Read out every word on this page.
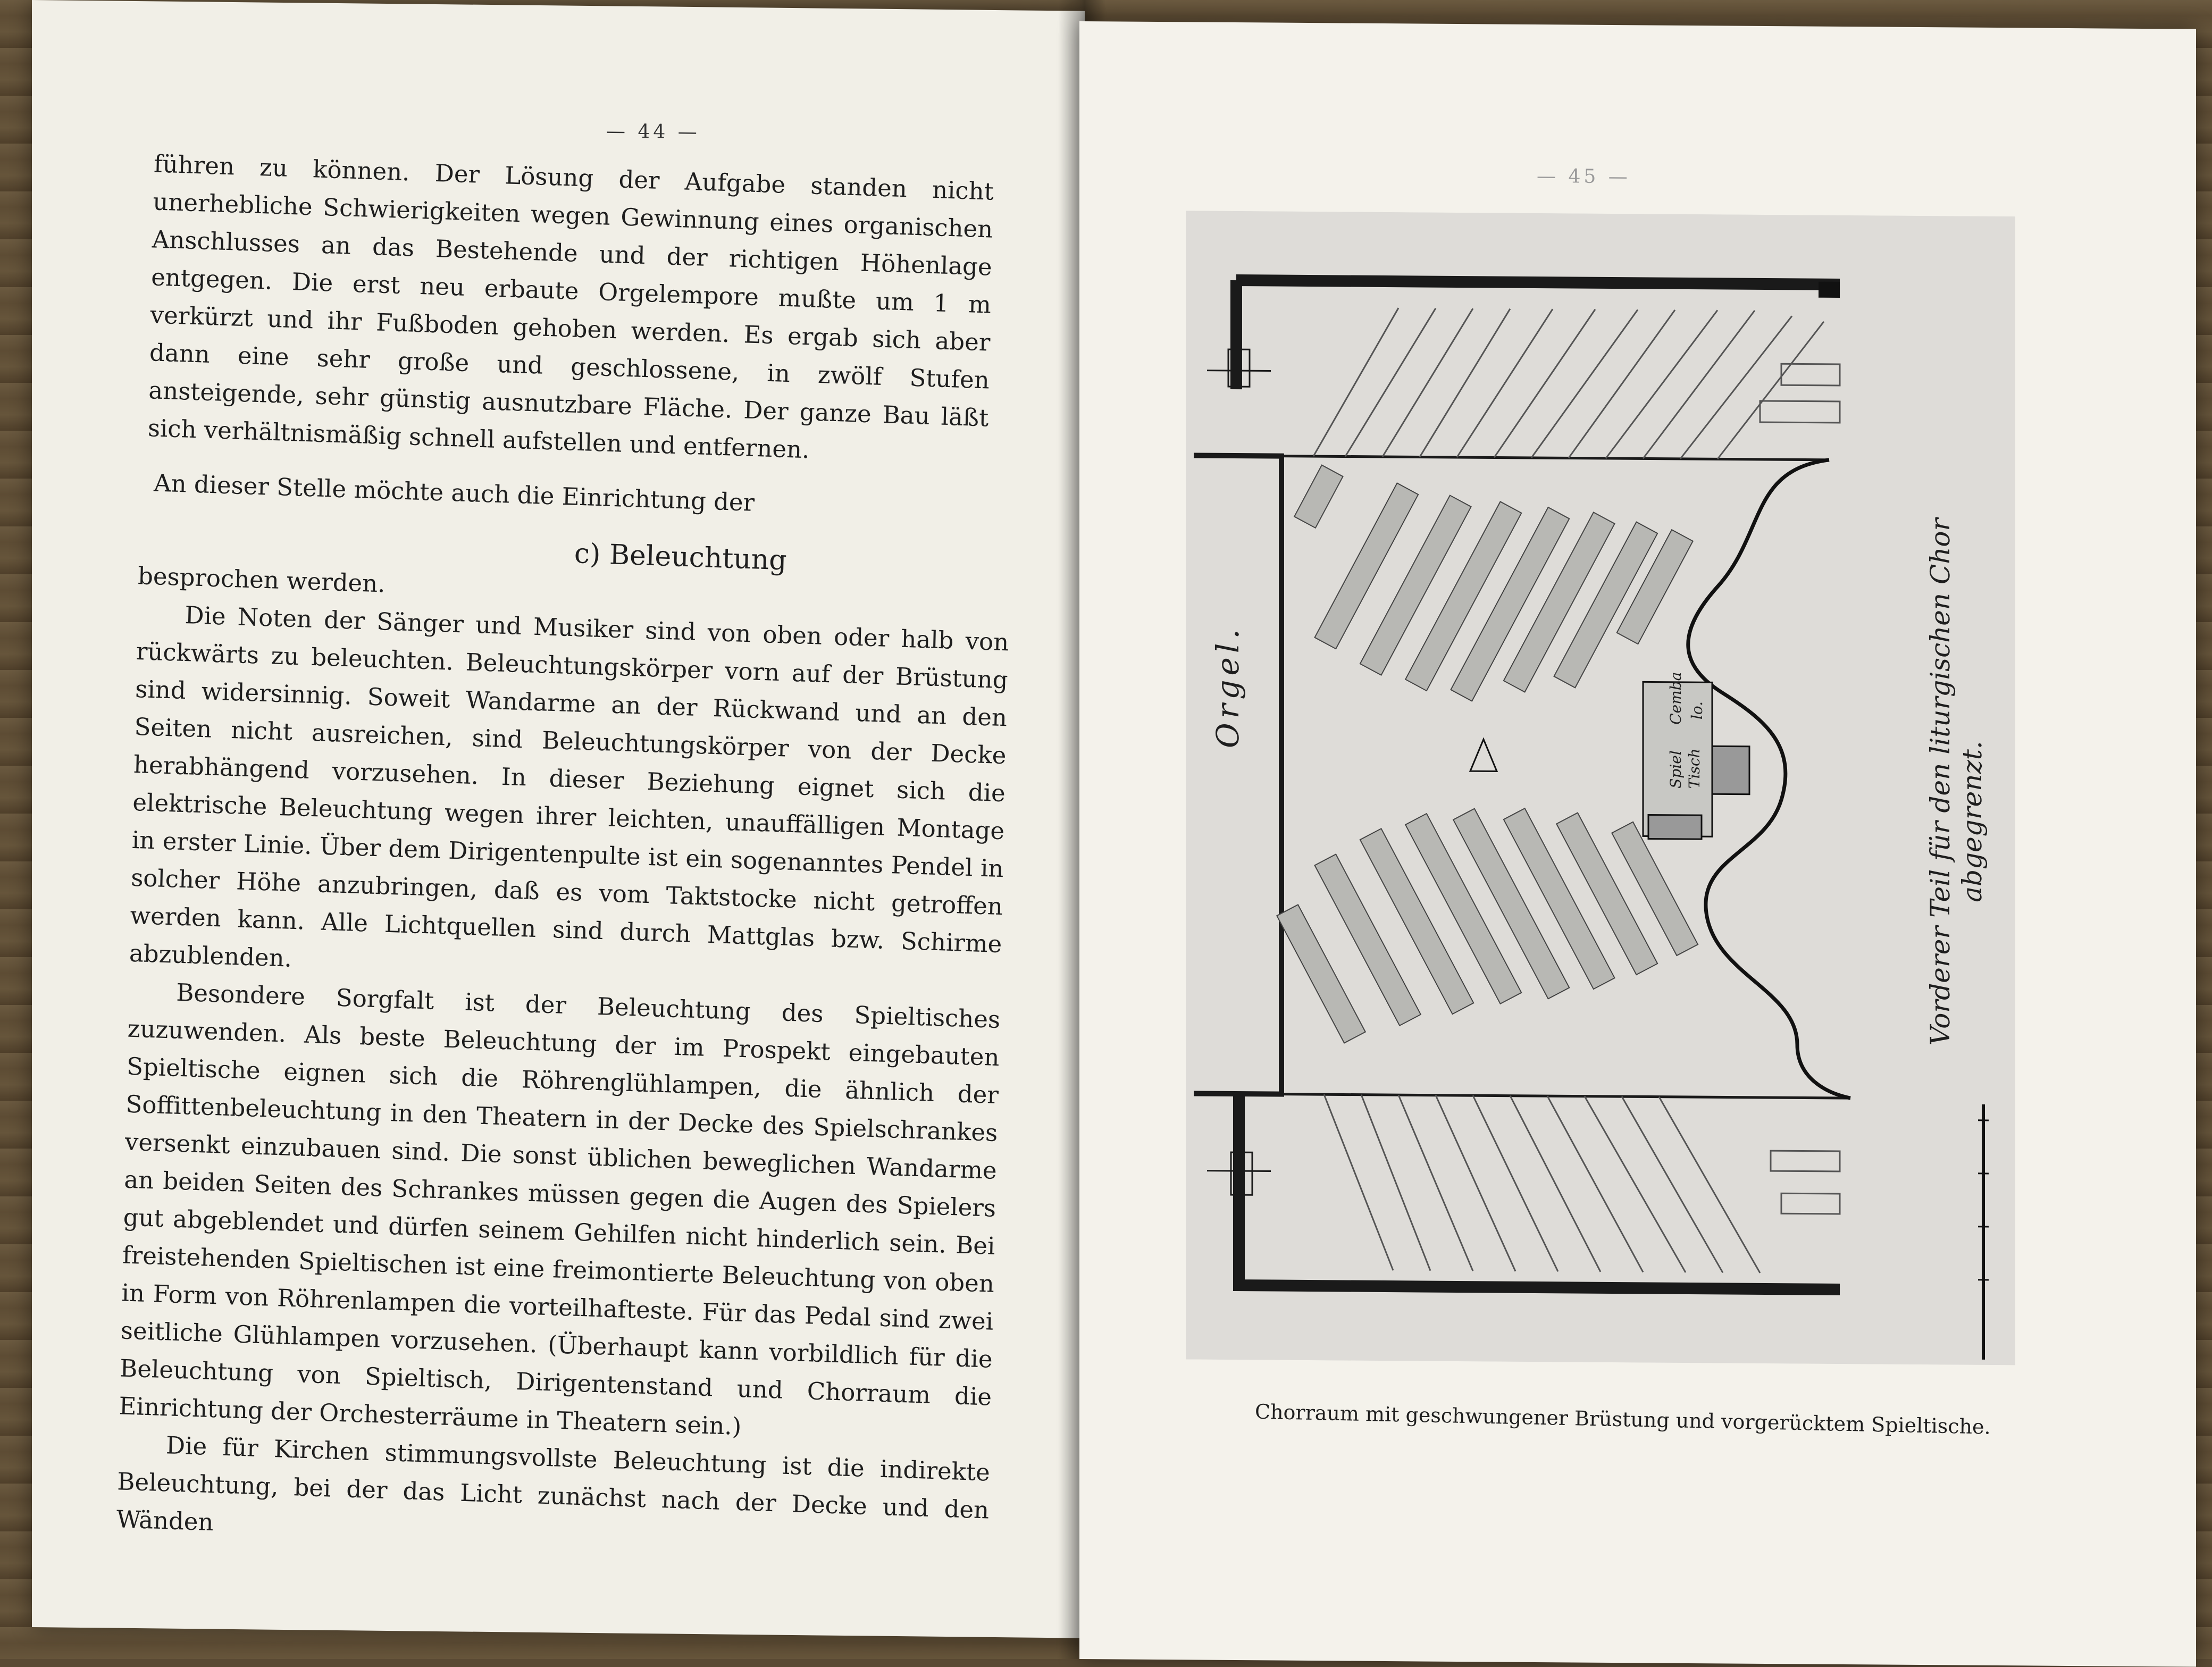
— 44 —

führen zu können. Der Lösung der Aufgabe standen nicht unerhebliche Schwierigkeiten wegen Gewinnung eines organischen Anschlusses an das Bestehende und der richtigen Höhenlage entgegen. Die erst neu erbaute Orgelempore mußte um 1 m verkürzt und ihr Fußboden gehoben werden. Es ergab sich aber dann eine sehr große und geschlossene, in zwölf Stufen ansteigende, sehr günstig ausnutzbare Fläche. Der ganze Bau läßt sich verhältnismäßig schnell aufstellen und entfernen.

An dieser Stelle möchte auch die Einrichtung der

c) Beleuchtung

besprochen werden.

Die Noten der Sänger und Musiker sind von oben oder halb von rückwärts zu beleuchten. Beleuchtungskörper vorn auf der Brüstung sind widersinnig. Soweit Wandarme an der Rückwand und an den Seiten nicht ausreichen, sind Beleuchtungskörper von der Decke herabhängend vorzusehen. In dieser Beziehung eignet sich die elektrische Beleuchtung wegen ihrer leichten, unauffälligen Montage in erster Linie. Über dem Dirigentenpulte ist ein sogenanntes Pendel in solcher Höhe anzubringen, daß es vom Taktstocke nicht getroffen werden kann. Alle Lichtquellen sind durch Mattglas bzw. Schirme abzublenden.

Besondere Sorgfalt ist der Beleuchtung des Spieltisches zuzuwenden. Als beste Beleuchtung der im Prospekt eingebauten Spieltische eignen sich die Röhrenglühlampen, die ähnlich der Soffittenbeleuchtung in den Theatern in der Decke des Spielschrankes versenkt einzubauen sind. Die sonst üblichen beweglichen Wandarme an beiden Seiten des Schrankes müssen gegen die Augen des Spielers gut abgeblendet und dürfen seinem Gehilfen nicht hinderlich sein. Bei freistehenden Spieltischen ist eine freimontierte Beleuchtung von oben in Form von Röhrenlampen die vorteilhafteste. Für das Pedal sind zwei seitliche Glühlampen vorzusehen. (Überhaupt kann vorbildlich für die Beleuchtung von Spieltisch, Dirigentenstand und Chorraum die Einrichtung der Orchesterräume in Theatern sein.)

Die für Kirchen stimmungsvollste Beleuchtung ist die indirekte Beleuchtung, bei der das Licht zunächst nach der Decke und den Wänden

— 45 —
Orgel.
Spiel Tisch
Cemba lo.	Vorderer Teil für den liturgischen Chor abgegrenzt.
Chorraum mit geschwungener Brüstung und vorgerücktem Spieltische.
